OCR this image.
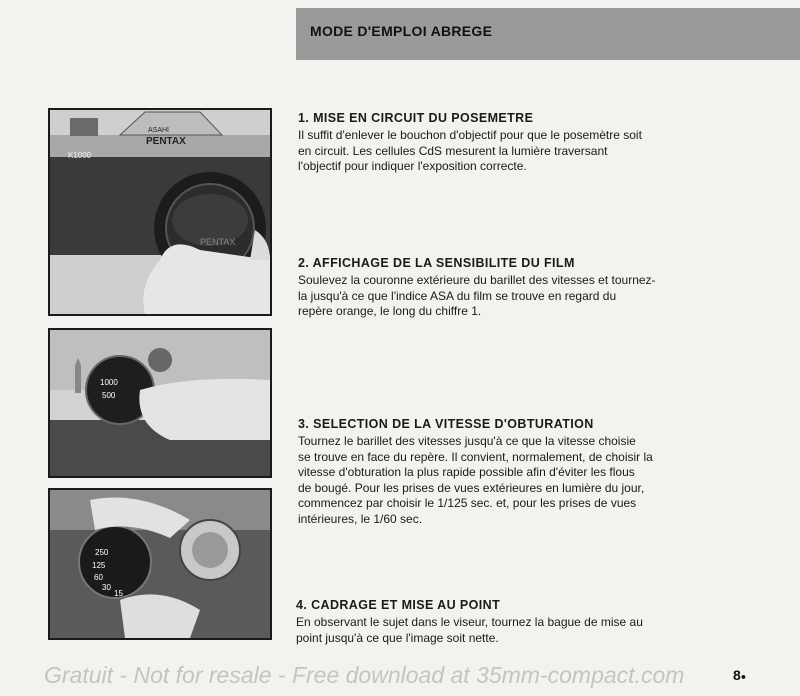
MODE D'EMPLOI ABREGE
ASAHI
PENTAX
K1000
PENTAX
1000
500
250
125
60
30
15
1. MISE EN CIRCUIT DU POSEMETRE

Il suffit d'enlever le bouchon d'objectif pour que le posemètre soit
en circuit. Les cellules CdS mesurent la lumière traversant
l'objectif pour indiquer l'exposition correcte.

2. AFFICHAGE DE LA SENSIBILITE DU FILM

Soulevez la couronne extérieure du barillet des vitesses et tournez-
la jusqu'à ce que l'indice ASA du film se trouve en regard du
repère orange, le long du chiffre 1.

3. SELECTION DE LA VITESSE D'OBTURATION

Tournez le barillet des vitesses jusqu'à ce que la vitesse choisie
se trouve en face du repère. Il convient, normalement, de choisir la
vitesse d'obturation la plus rapide possible afin d'éviter les flous
de bougé. Pour les prises de vues extérieures en lumière du jour,
commencez par choisir le 1/125 sec. et, pour les prises de vues
intérieures, le 1/60 sec.

4. CADRAGE ET MISE AU POINT

En observant le sujet dans le viseur, tournez la bague de mise au
point jusqu'à ce que l'image soit nette.

Gratuit - Not for resale - Free download at 35mm-compact.com	8●
